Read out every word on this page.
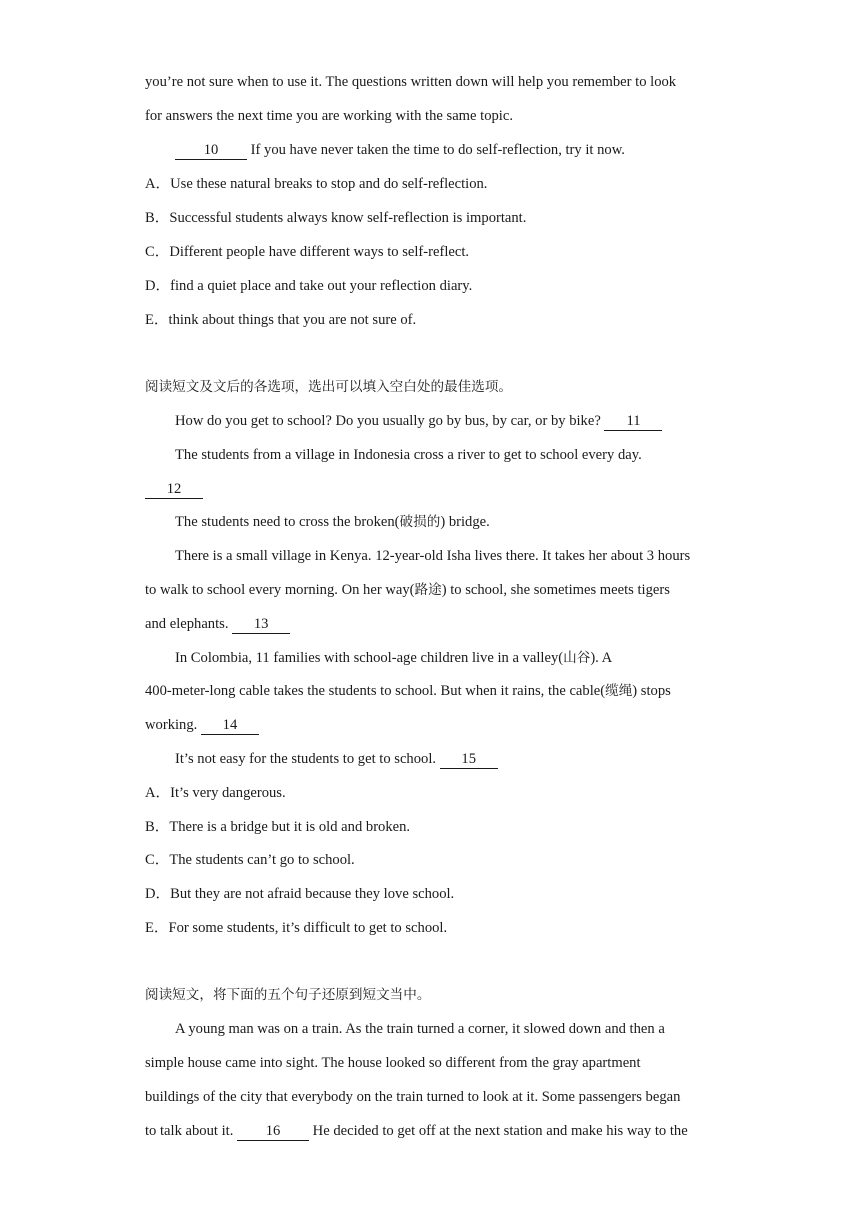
you’re not sure when to use it. The questions written down will help you remember to look
for answers the next time you are working with the same topic.
10 If you have never taken the time to do self-reflection, try it now.
A．Use these natural breaks to stop and do self-reflection.
B．Successful students always know self-reflection is important.
C．Different people have different ways to self-reflect.
D．find a quiet place and take out your reflection diary.
E．think about things that you are not sure of.
阅读短文及文后的各选项，选出可以填入空白处的最佳选项。
How do you get to school? Do you usually go by bus, by car, or by bike? 11
The students from a village in Indonesia cross a river to get to school every day.
12
The students need to cross the broken(破损的) bridge.
There is a small village in Kenya. 12-year-old Isha lives there. It takes her about 3 hours
to walk to school every morning. On her way(路途) to school, she sometimes meets tigers
and elephants. 13
In Colombia, 11 families with school-age children live in a valley(山谷). A
400-meter-long cable takes the students to school. But when it rains, the cable(缆绳) stops
working. 14
It’s not easy for the students to get to school. 15
A．It’s very dangerous.
B．There is a bridge but it is old and broken.
C．The students can’t go to school.
D．But they are not afraid because they love school.
E．For some students, it’s difficult to get to school.
阅读短文，将下面的五个句子还原到短文当中。
A young man was on a train. As the train turned a corner, it slowed down and then a
simple house came into sight. The house looked so different from the gray apartment
buildings of the city that everybody on the train turned to look at it. Some passengers began
to talk about it. 16 He decided to get off at the next station and make his way to the
